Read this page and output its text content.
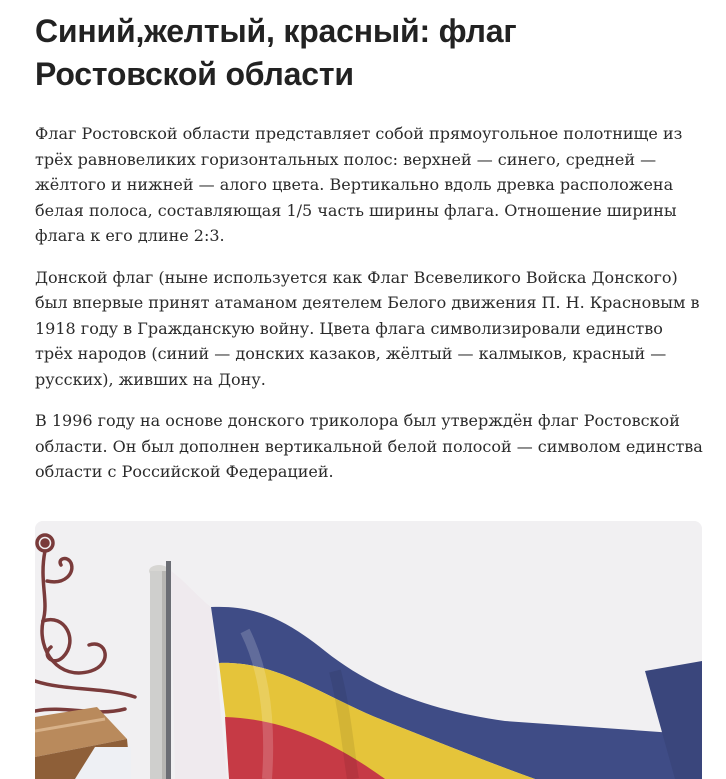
Синий,желтый, красный: флаг Ростовской области

Флаг Ростовской области представляет собой прямоугольное полотнище из трёх равновеликих горизонтальных полос: верхней — синего, средней — жёлтого и нижней — алого цвета. Вертикально вдоль древка расположена белая полоса, составляющая 1/5 часть ширины флага. Отношение ширины флага к его длине 2:3.

Донской флаг (ныне используется как Флаг Всевеликого Войска Донского) был впервые принят атаманом деятелем Белого движения П. Н. Красновым в 1918 году в Гражданскую войну. Цвета флага символизировали единство трёх народов (синий — донских казаков, жёлтый — калмыков, красный — русских), живших на Дону.

В 1996 году на основе донского триколора был утверждён флаг Ростовской области. Он был дополнен вертикальной белой полосой — символом единства области с Российской Федерацией.
